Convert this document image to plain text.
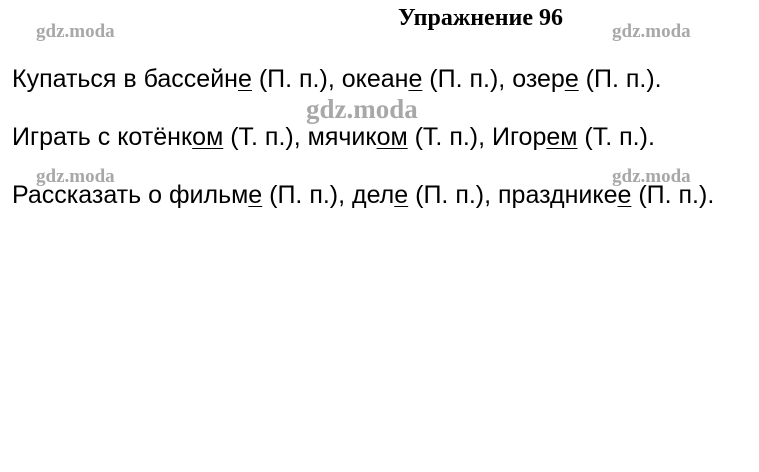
Упражнение 96
gdz.moda	gdz.moda
gdz.moda
gdz.moda	gdz.moda
Купаться в бассейне (П. п.), океане (П. п.), озере (П. п.).
Играть с котёнком (Т. п.), мячиком (Т. п.), Игорем (Т. п.).
Рассказать о фильме (П. п.), деле (П. п.), праздникее (П. п.).
